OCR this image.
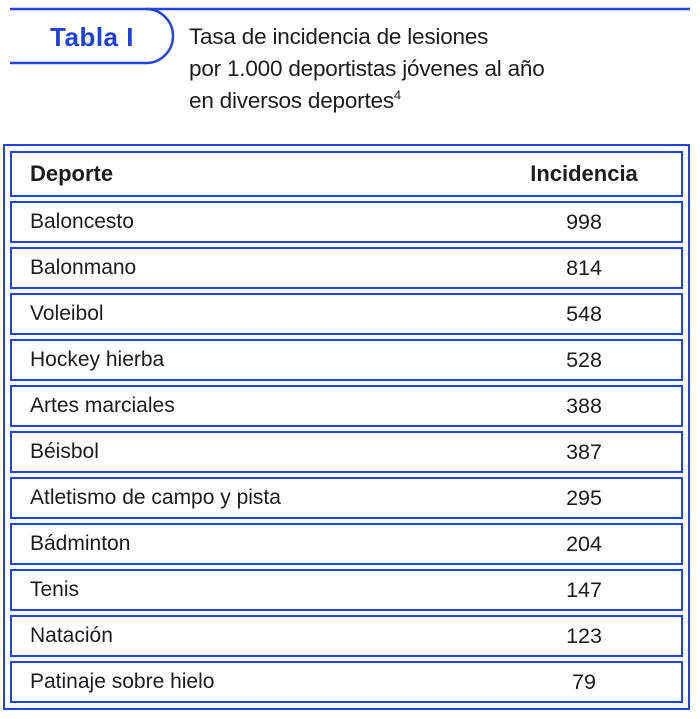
Tabla I	Tasa de incidencia de lesiones
por 1.000 deportistas jóvenes al año
en diversos deportes$^4$
Deporte	Incidencia
Baloncesto	998
Balonmano	814
Voleibol	548
Hockey hierba	528
Artes marciales	388
Béisbol	387
Atletismo de campo y pista	295
Bádminton	204
Tenis	147
Natación	123
Patinaje sobre hielo	79
